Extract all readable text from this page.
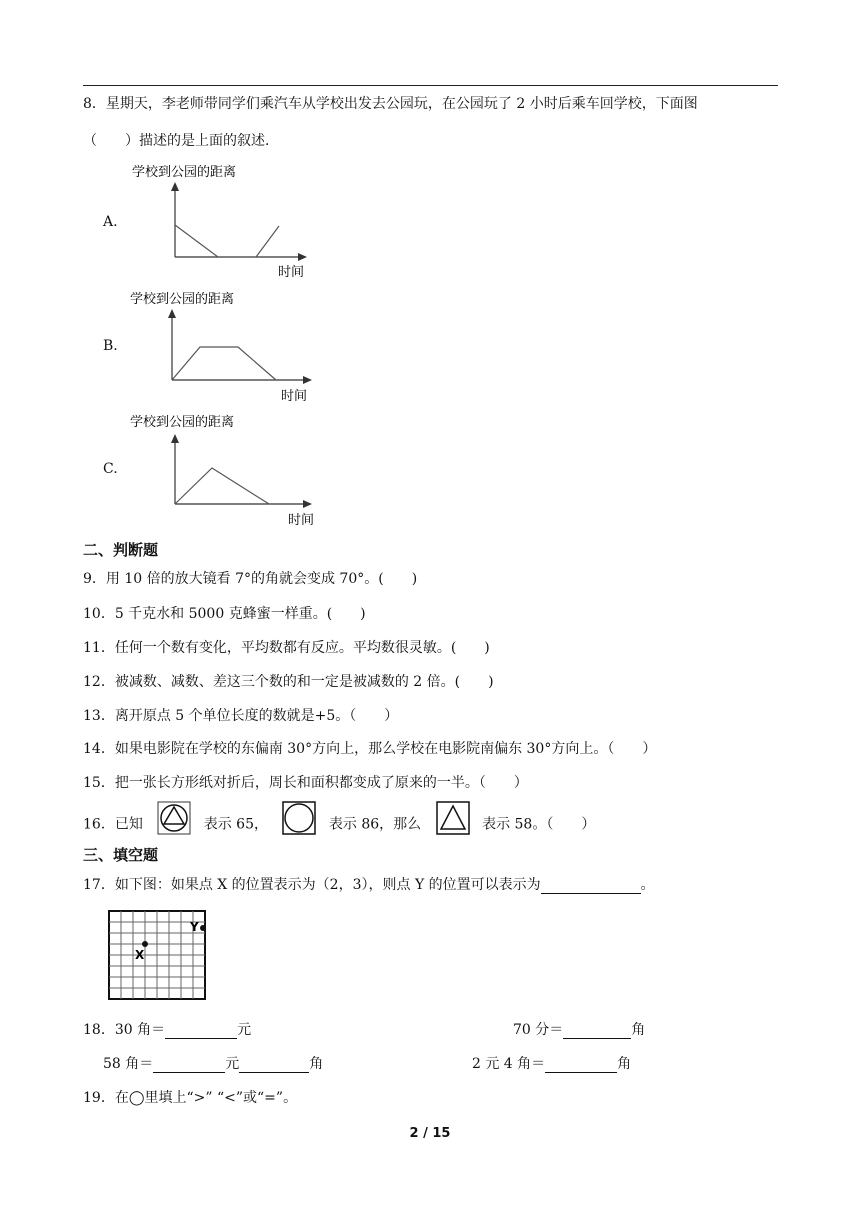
8．星期天，李老师带同学们乘汽车从学校出发去公园玩，在公园玩了 2 小时后乘车回学校，下面图
（　　）描述的是上面的叙述．
A.
学校到公园的距离
时间
B.
学校到公园的距离
时间
C.
学校到公园的距离
时间
二、判断题
9．用 10 倍的放大镜看 7°的角就会变成 70°。(　　)
10．5 千克水和 5000 克蜂蜜一样重。(　　)
11．任何一个数有变化，平均数都有反应。平均数很灵敏。(　　)
12．被减数、减数、差这三个数的和一定是被减数的 2 倍。(　　)
13．离开原点 5 个单位长度的数就是+5。（　　）
14．如果电影院在学校的东偏南 30°方向上，那么学校在电影院南偏东 30°方向上。（　　）
15．把一张长方形纸对折后，周长和面积都变成了原来的一半。（　　）
16．已知	表示 65，	表示 86，那么	表示 58。（　　）
三、填空题
17．如下图：如果点 X 的位置表示为（2，3），则点 Y 的位置可以表示为	。
X
Y
18．30 角＝	元	70 分＝	角
58 角＝	元	角	2 元 4 角＝	角
19．在◯里填上“>” “<”或“=”。
2 / 15
